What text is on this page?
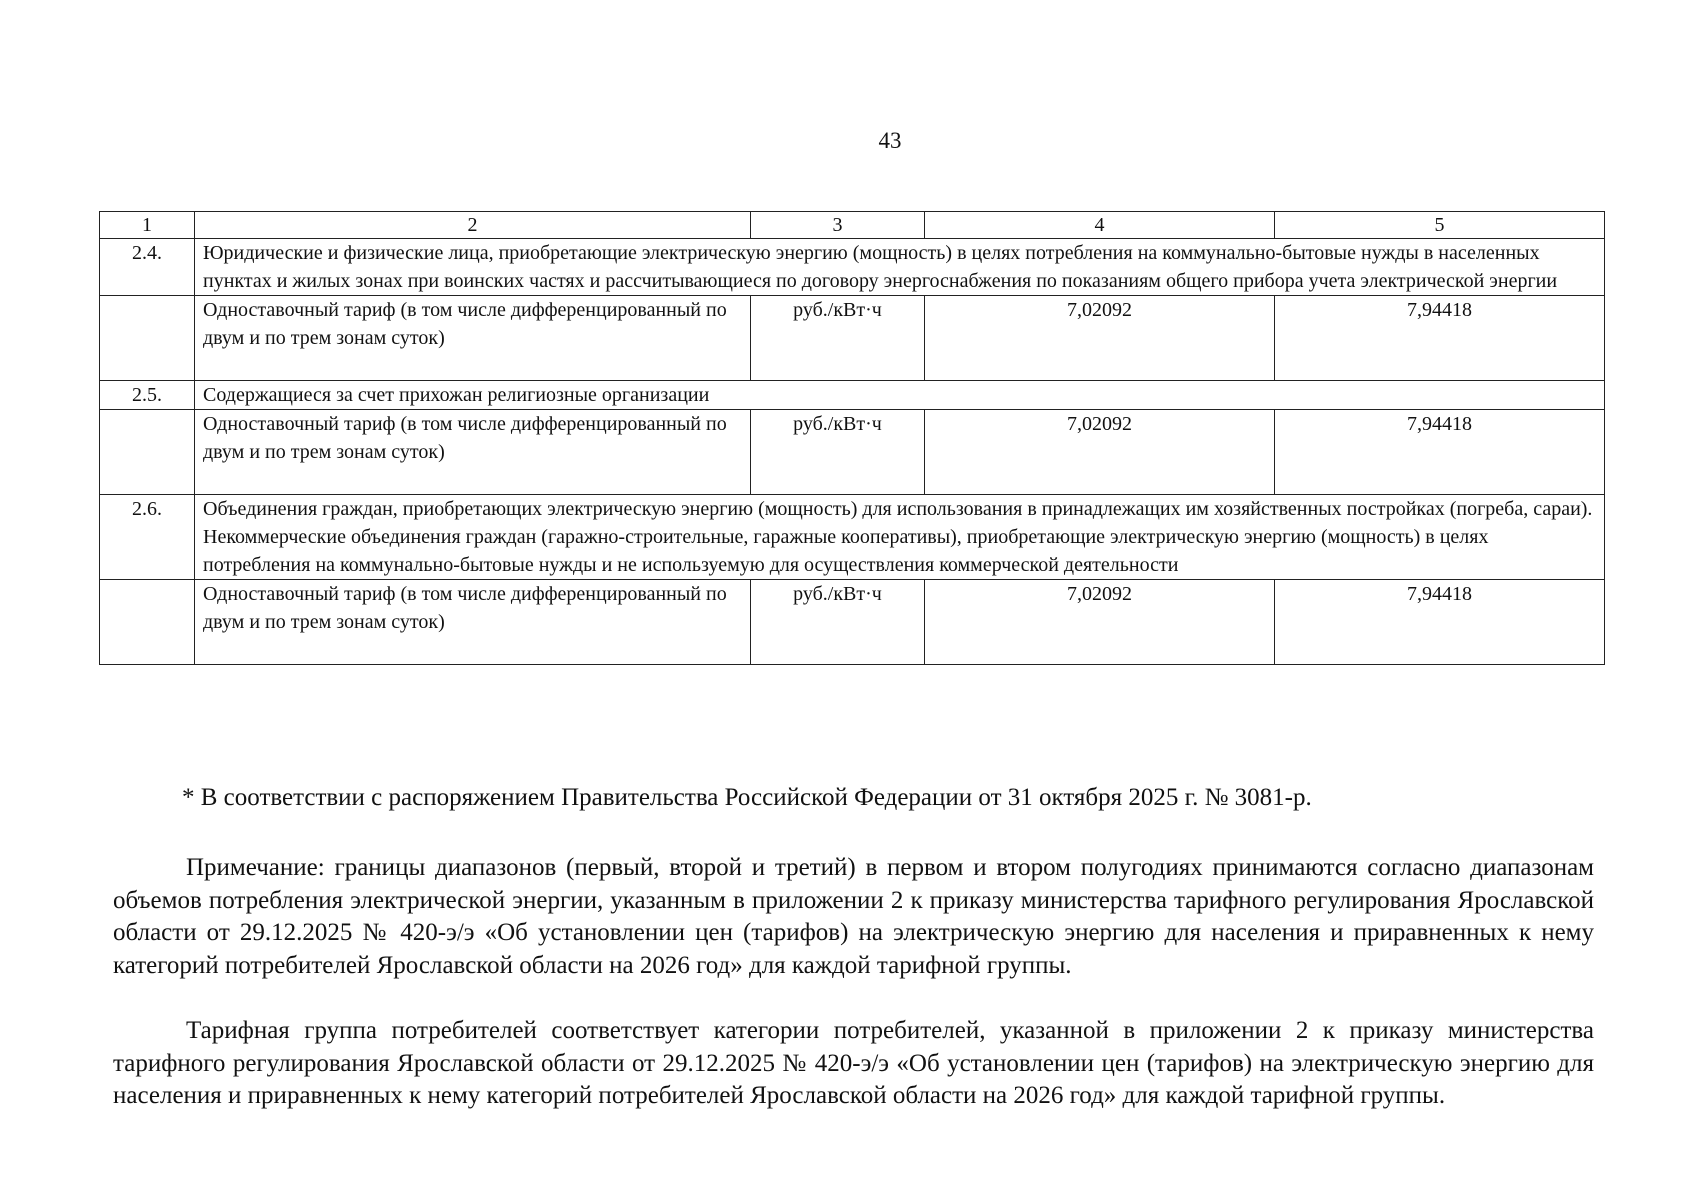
43
1	2	3	4	5
2.4.	Юридические и физические лица, приобретающие электрическую энергию (мощность) в целях потребления на коммунально-бытовые нужды в населенных пунктах и жилых зонах при воинских частях и рассчитывающиеся по договору энергоснабжения по показаниям общего прибора учета электрической энергии			
	Одноставочный тариф (в том числе дифференцированный по двум и по трем зонам суток)	руб./кВт·ч	7,02092	7,94418
2.5.	Содержащиеся за счет прихожан религиозные организации			
	Одноставочный тариф (в том числе дифференцированный по двум и по трем зонам суток)	руб./кВт·ч	7,02092	7,94418
2.6.	Объединения граждан, приобретающих электрическую энергию (мощность) для использования в принадлежащих им хозяйственных постройках (погреба, сараи).
Некоммерческие объединения граждан (гаражно-строительные, гаражные кооперативы), приобретающие электрическую энергию (мощность) в целях потребления на коммунально-бытовые нужды и не используемую для осуществления коммерческой деятельности			

	Одноставочный тариф (в том числе дифференцированный по двум и по трем зонам суток)	руб./кВт·ч	7,02092	7,94418
* В соответствии с распоряжением Правительства Российской Федерации от 31 октября 2025 г. № 3081-р.

Примечание: границы диапазонов (первый, второй и третий) в первом и втором полугодиях принимаются согласно диапазонам объемов потребления электрической энергии, указанным в приложении 2 к приказу министерства тарифного регулирования Ярославской области от 29.12.2025 № 420-э/э «Об установлении цен (тарифов) на электрическую энергию для населения и приравненных к нему категорий потребителей Ярославской области на 2026 год» для каждой тарифной группы.

Тарифная группа потребителей соответствует категории потребителей, указанной в приложении 2 к приказу министерства тарифного регулирования Ярославской области от 29.12.2025 № 420-э/э «Об установлении цен (тарифов) на электрическую энергию для населения и приравненных к нему категорий потребителей Ярославской области на 2026 год» для каждой тарифной группы.
